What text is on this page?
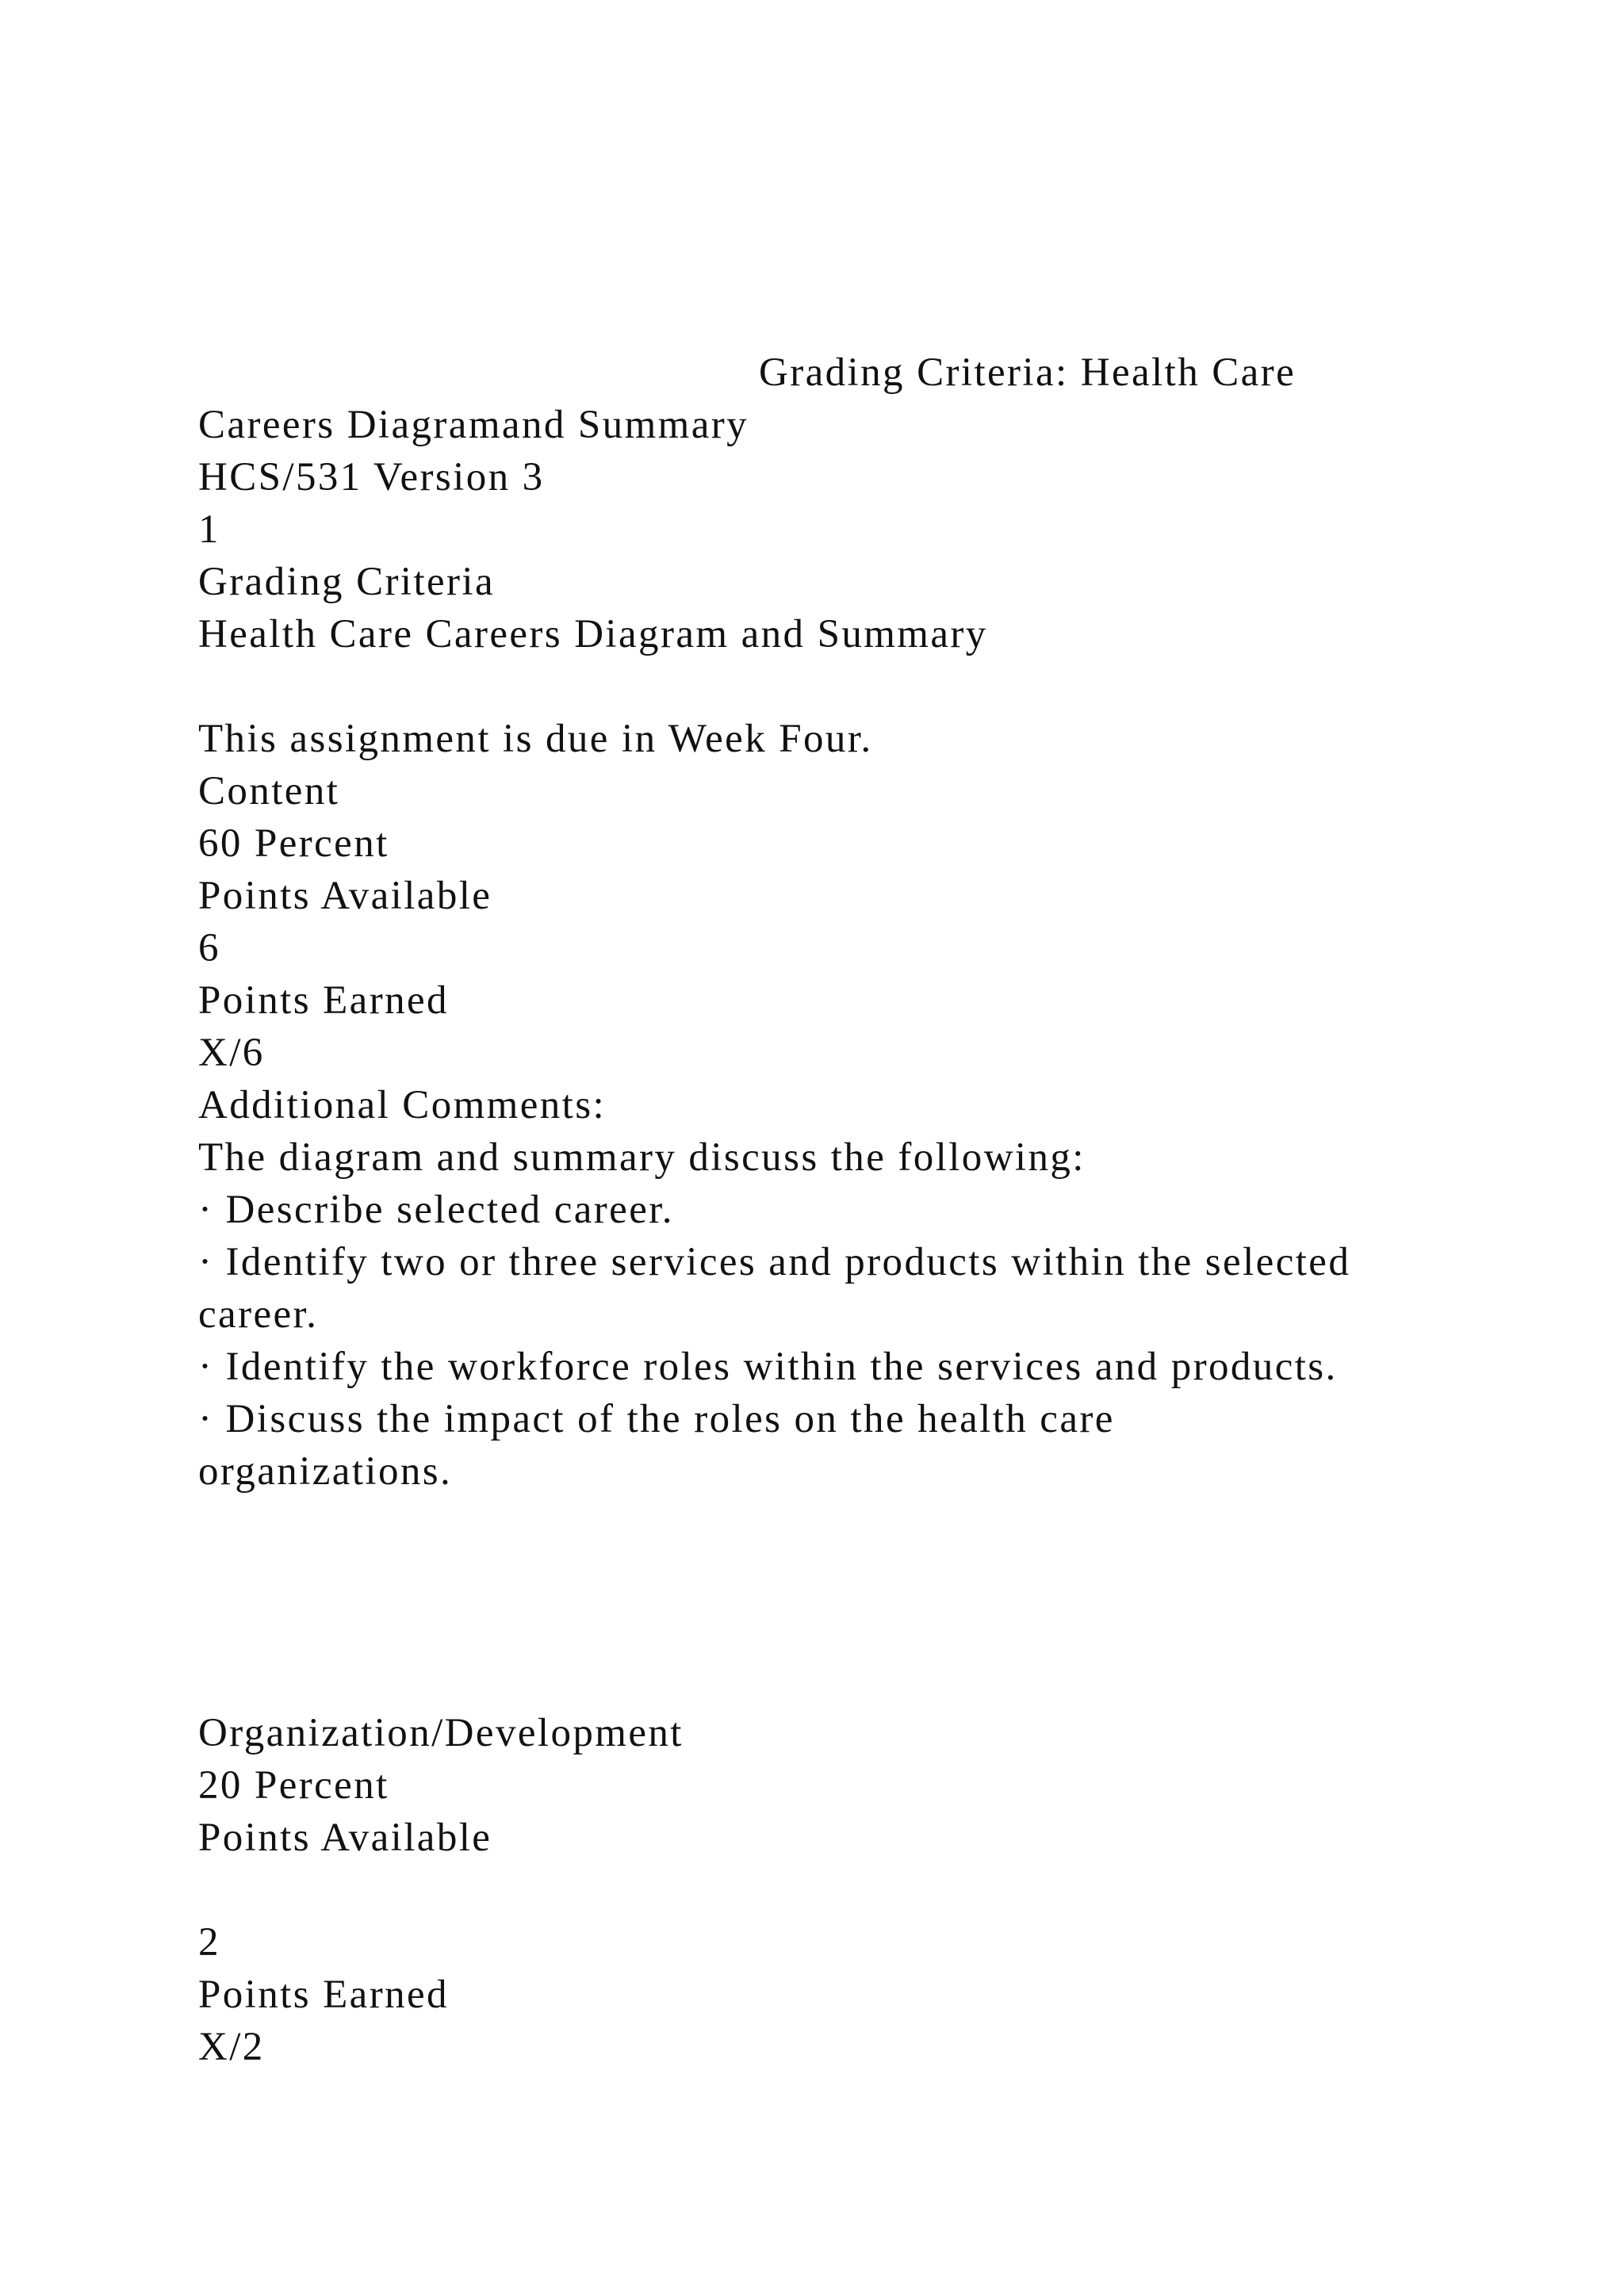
Grading Criteria: Health Care
Careers Diagramand Summary
HCS/531 Version 3
1
Grading Criteria
Health Care Careers Diagram and Summary
This assignment is due in Week Four.
Content
60 Percent
Points Available
6
Points Earned
X/6
Additional Comments:
The diagram and summary discuss the following:
· Describe selected career.
· Identify two or three services and products within the selected
career.
· Identify the workforce roles within the services and products.
· Discuss the impact of the roles on the health care
organizations.
Organization/Development
20 Percent
Points Available
2
Points Earned
X/2
